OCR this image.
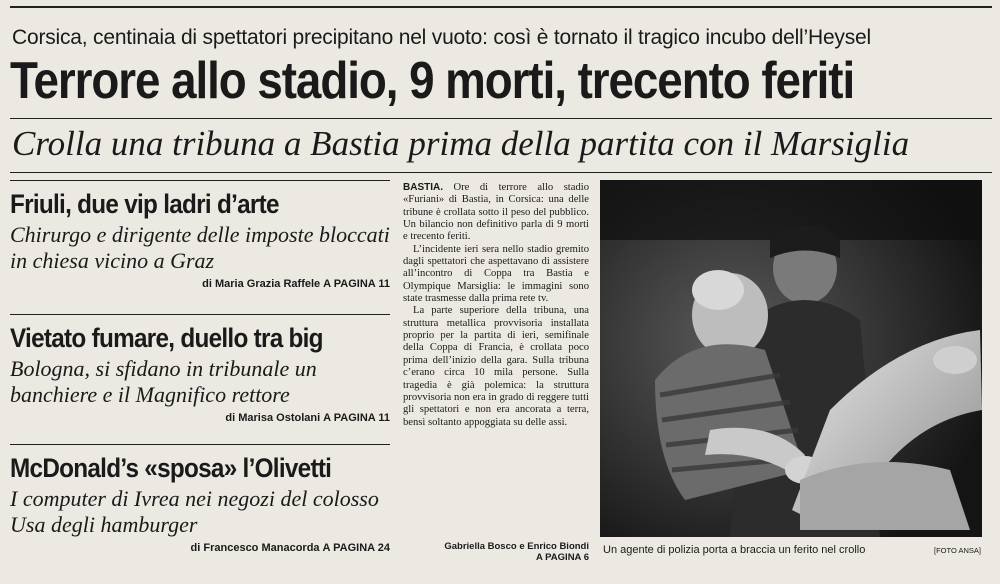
Corsica, centinaia di spettatori precipitano nel vuoto: così è tornato il tragico incubo dell’Heysel
Terrore allo stadio, 9 morti, trecento feriti
Crolla una tribuna a Bastia prima della partita con il Marsiglia
Friuli, due vip ladri d’arte
Chirurgo e dirigente delle imposte bloccati in chiesa vicino a Graz
di Maria Grazia Raffele A PAGINA 11
Vietato fumare, duello tra big
Bologna, si sfidano in tribunale un banchiere e il Magnifico rettore
di Marisa Ostolani A PAGINA 11
McDonald’s «sposa» l’Olivetti
I computer di Ivrea nei negozi del colosso Usa degli hamburger
di Francesco Manacorda A PAGINA 24

BASTIA. Ore di terrore allo stadio «Furiani» di Bastia, in Corsica: una delle tribune è crollata sotto il peso del pubblico. Un bilancio non definitivo parla di 9 morti e trecento feriti.

L’incidente ieri sera nello stadio gremito dagli spettatori che aspettavano di assistere all’incontro di Coppa tra Bastia e Olympique Marsiglia: le immagini sono state trasmesse dalla prima rete tv.

La parte superiore della tribuna, una struttura metallica provvisoria installata proprio per la partita di ieri, semifinale della Coppa di Francia, è crollata poco prima dell’inizio della gara. Sulla tribuna c’erano circa 10 mila persone. Sulla tragedia è già polemica: la struttura provvisoria non era in grado di reggere tutti gli spettatori e non era ancorata a terra, bensì soltanto appoggiata su delle assi.

Gabriella Bosco e Enrico Biondi
A PAGINA 6
Un agente di polizia porta a braccia un ferito nel crollo	[FOTO ANSA]
